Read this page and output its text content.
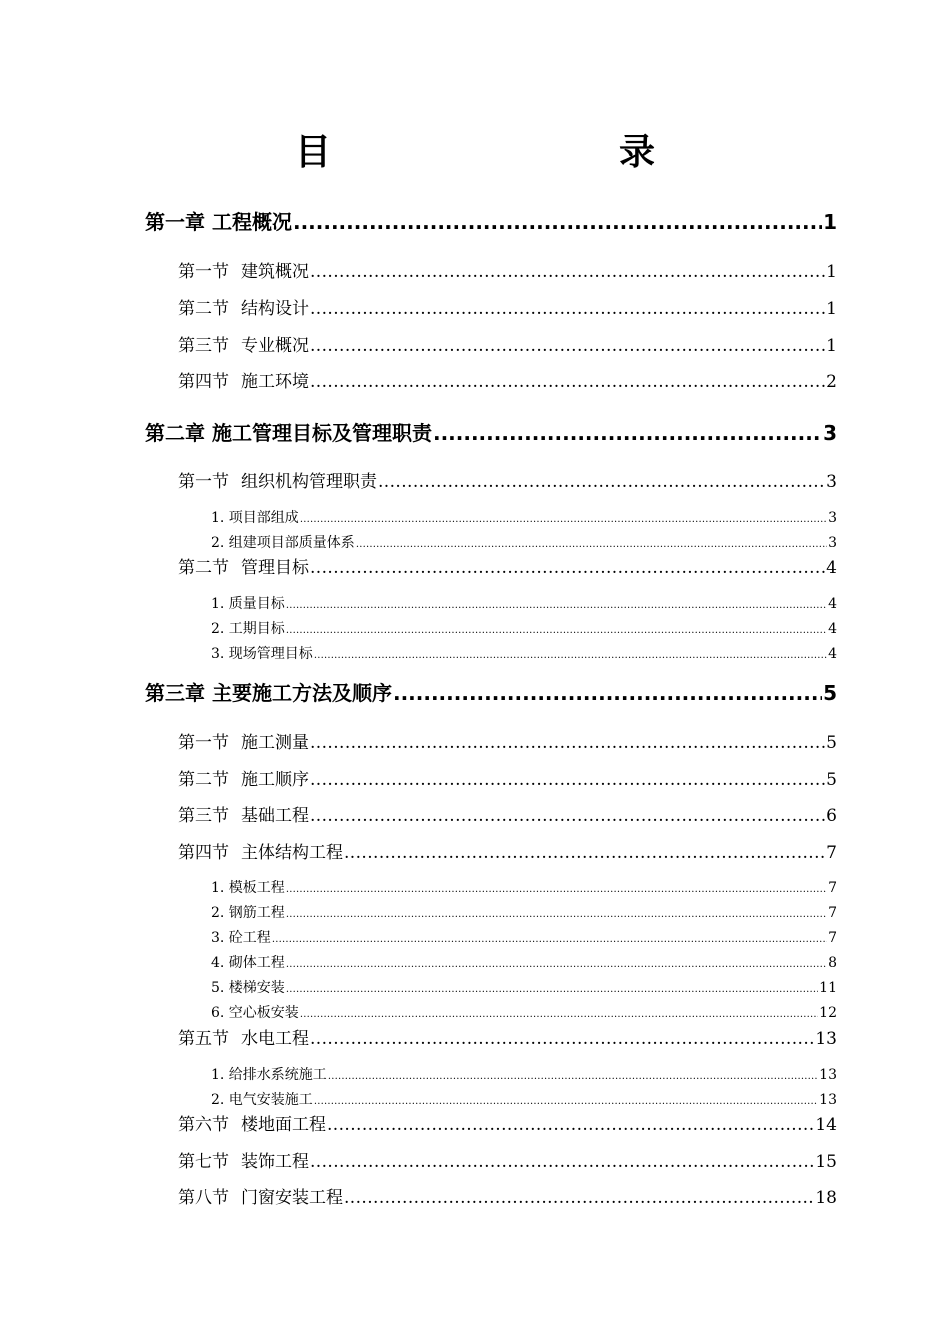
目　　录
第一章 工程概况 .....	1
第一节 建筑概况 .....	1
第二节 结构设计 .....	1
第三节 专业概况 .....	1
第四节 施工环境 .....	2
第二章 施工管理目标及管理职责 .....	3
第一节 组织机构管理职责 .....	3
1. 项目部组成 .....	3
2. 组建项目部质量体系 .....	3
第二节 管理目标 .....	4
1. 质量目标 .....	4
2. 工期目标 .....	4
3. 现场管理目标 .....	4
第三章 主要施工方法及顺序 .....	5
第一节 施工测量 .....	5
第二节 施工顺序 .....	5
第三节 基础工程 .....	6
第四节 主体结构工程 .....	7
1. 模板工程 .....	7
2. 钢筋工程 .....	7
3. 砼工程 .....	7
4. 砌体工程 .....	8
5. 楼梯安装 .....	11
6. 空心板安装 .....	12
第五节 水电工程 .....	13
1. 给排水系统施工 .....	13
2. 电气安装施工 .....	13
第六节 楼地面工程 .....	14
第七节 装饰工程 .....	15
第八节 门窗安装工程 .....	18
